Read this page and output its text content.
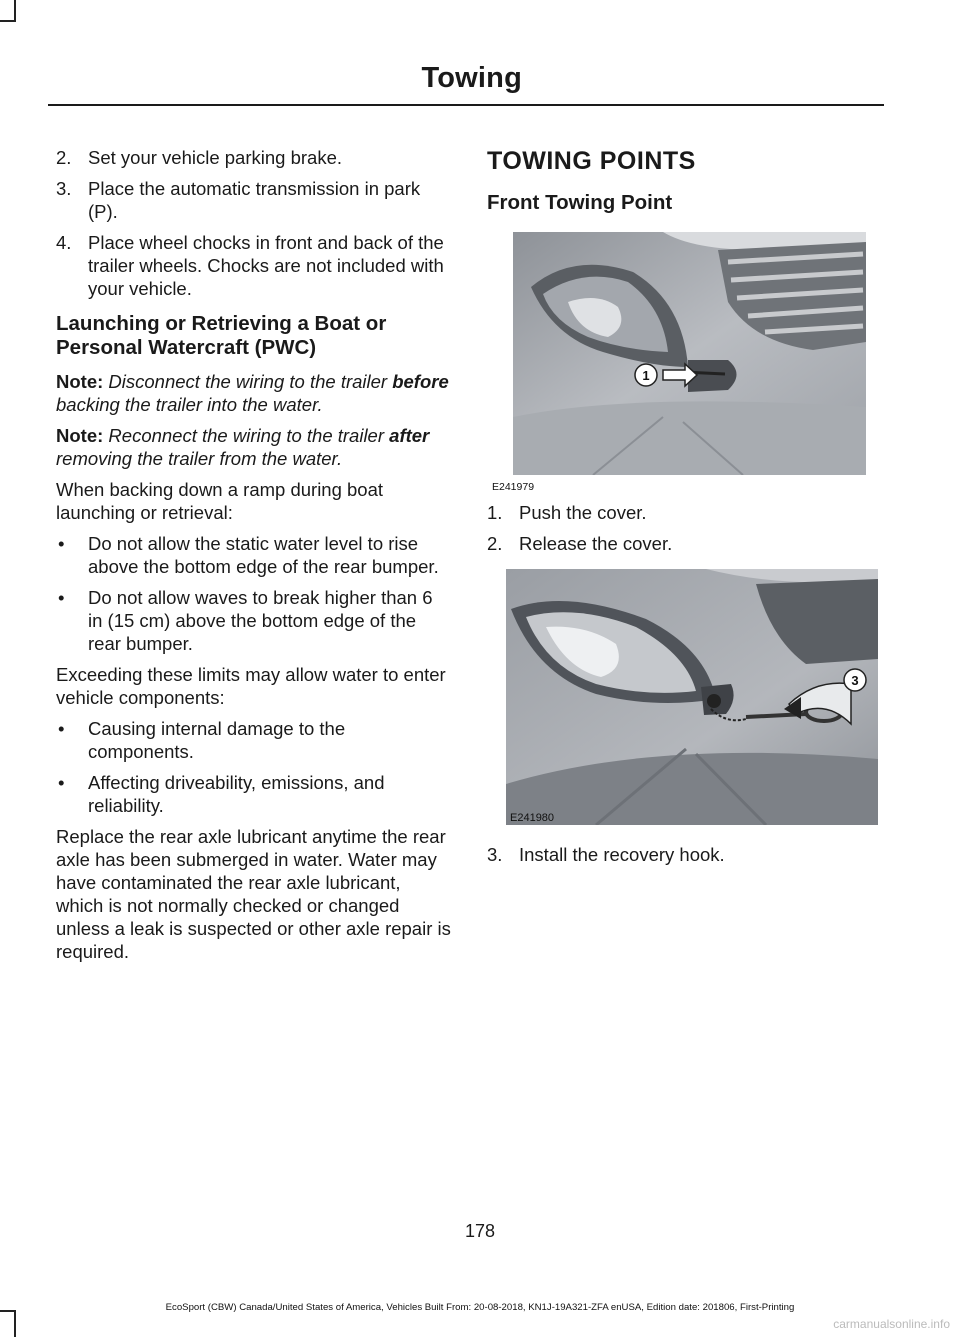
Towing
2. Set your vehicle parking brake.
3. Place the automatic transmission in park (P).
4. Place wheel chocks in front and back of the trailer wheels. Chocks are not included with your vehicle.
Launching or Retrieving a Boat or Personal Watercraft (PWC)

Note: Disconnect the wiring to the trailer before backing the trailer into the water.

Note: Reconnect the wiring to the trailer after removing the trailer from the water.

When backing down a ramp during boat launching or retrieval:

•	Do not allow the static water level to rise above the bottom edge of the rear bumper.
•	Do not allow waves to break higher than 6 in (15 cm) above the bottom edge of the rear bumper.

Exceeding these limits may allow water to enter vehicle components:

•	Causing internal damage to the components.
•	Affecting driveability, emissions, and reliability.

Replace the rear axle lubricant anytime the rear axle has been submerged in water. Water may have contaminated the rear axle lubricant, which is not normally checked or changed unless a leak is suspected or other axle repair is required.

TOWING POINTS
Front Towing Point
1
E241979
1. Push the cover.
2. Release the cover.
3
E241980
3. Install the recovery hook.
178
EcoSport (CBW) Canada/United States of America, Vehicles Built From: 20-08-2018, KN1J-19A321-ZFA enUSA, Edition date: 201806, First-Printing
carmanualsonline.info
